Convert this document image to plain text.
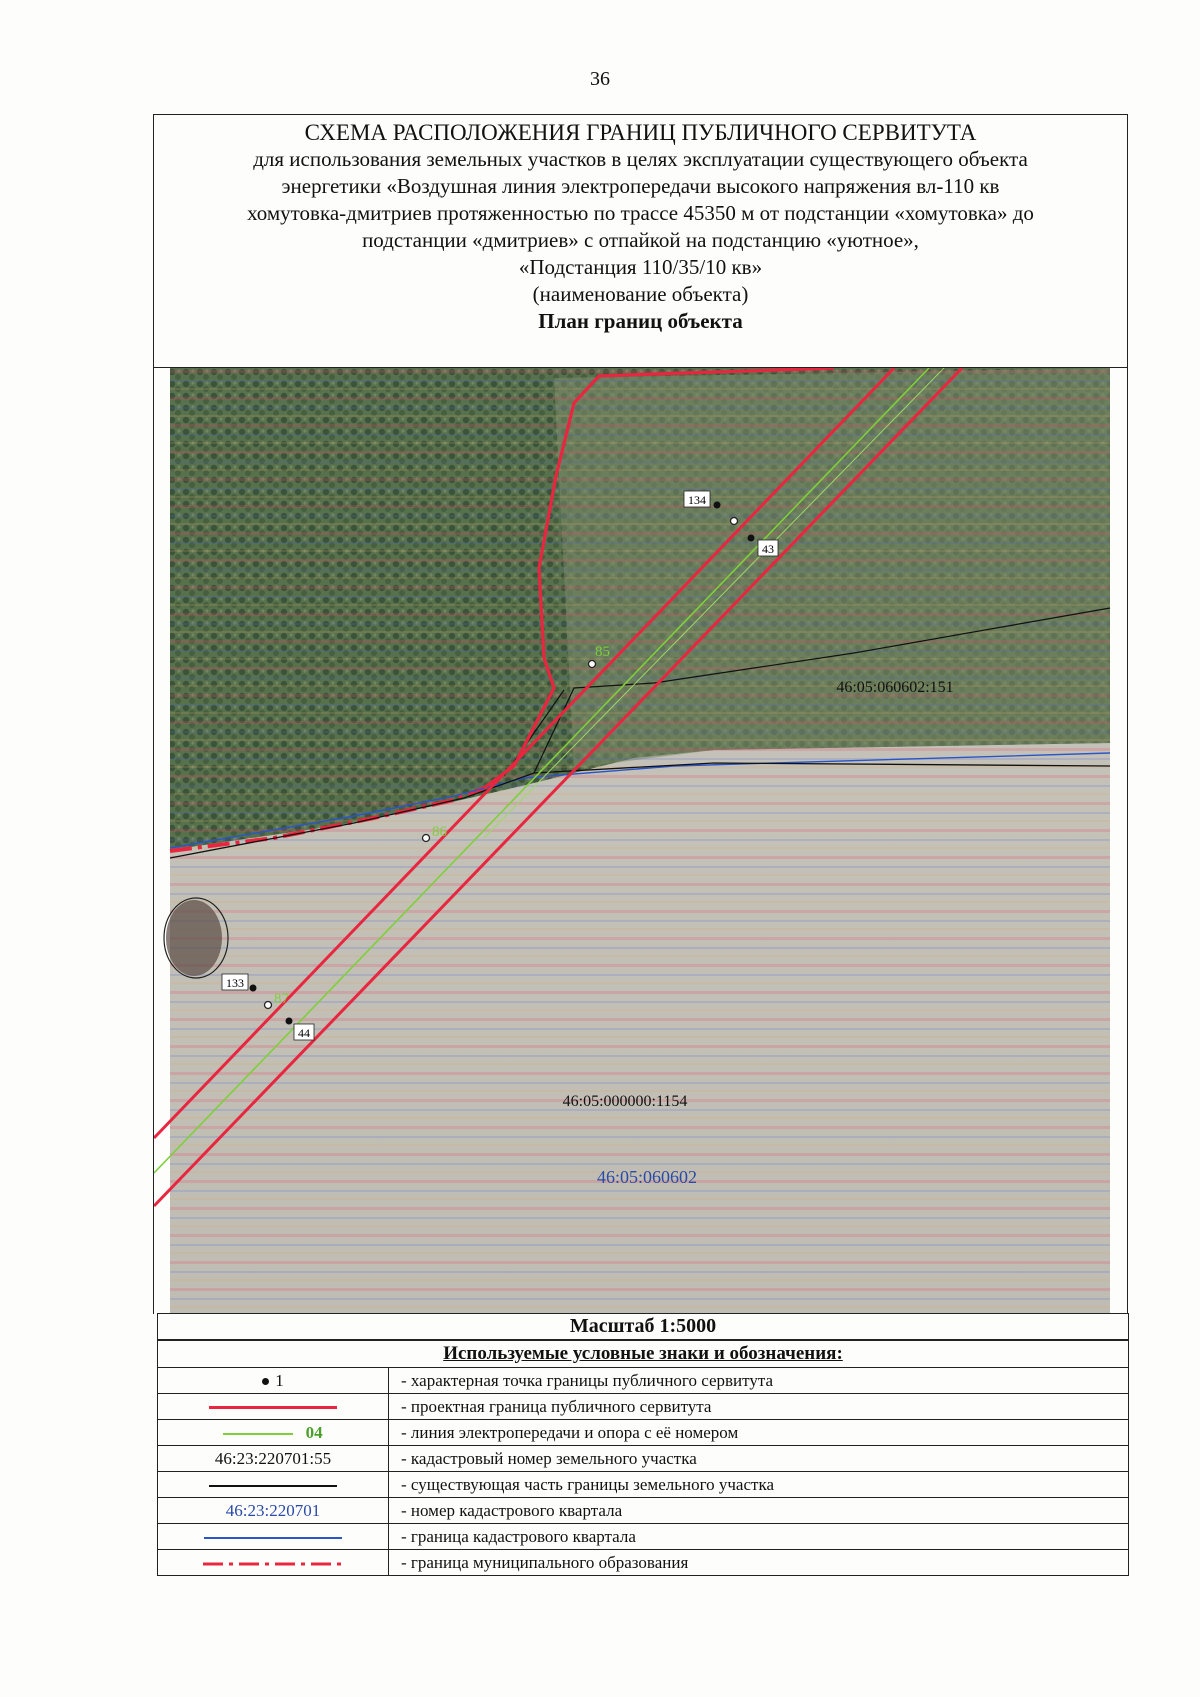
36
СХЕМА РАСПОЛОЖЕНИЯ ГРАНИЦ ПУБЛИЧНОГО СЕРВИТУТА
для использования земельных участков в целях эксплуатации существующего объекта
энергетики «Воздушная линия электропередачи высокого напряжения вл-110 кв
хомутовка-дмитриев протяженностью по трассе 45350 м от подстанции «хомутовка» до
подстанции «дмитриев» с отпайкой на подстанцию «уютное»,
«Подстанция 110/35/10 кв»
(наименование объекта)
План границ объекта
85
86
87
134
43
133
44
46:05:060602:151
46:05:000000:1154
46:05:060602
Масштаб 1:5000
Используемые условные знаки и обозначения:	
1	- характерная точка границы публичного сервитута
	- проектная граница публичного сервитута
04	- линия электропередачи и опора с её номером
46:23:220701:55	- кадастровый номер земельного участка
	- существующая часть границы земельного участка
46:23:220701	- номер кадастрового квартала
	- граница кадастрового квартала
	- граница муниципального образования
